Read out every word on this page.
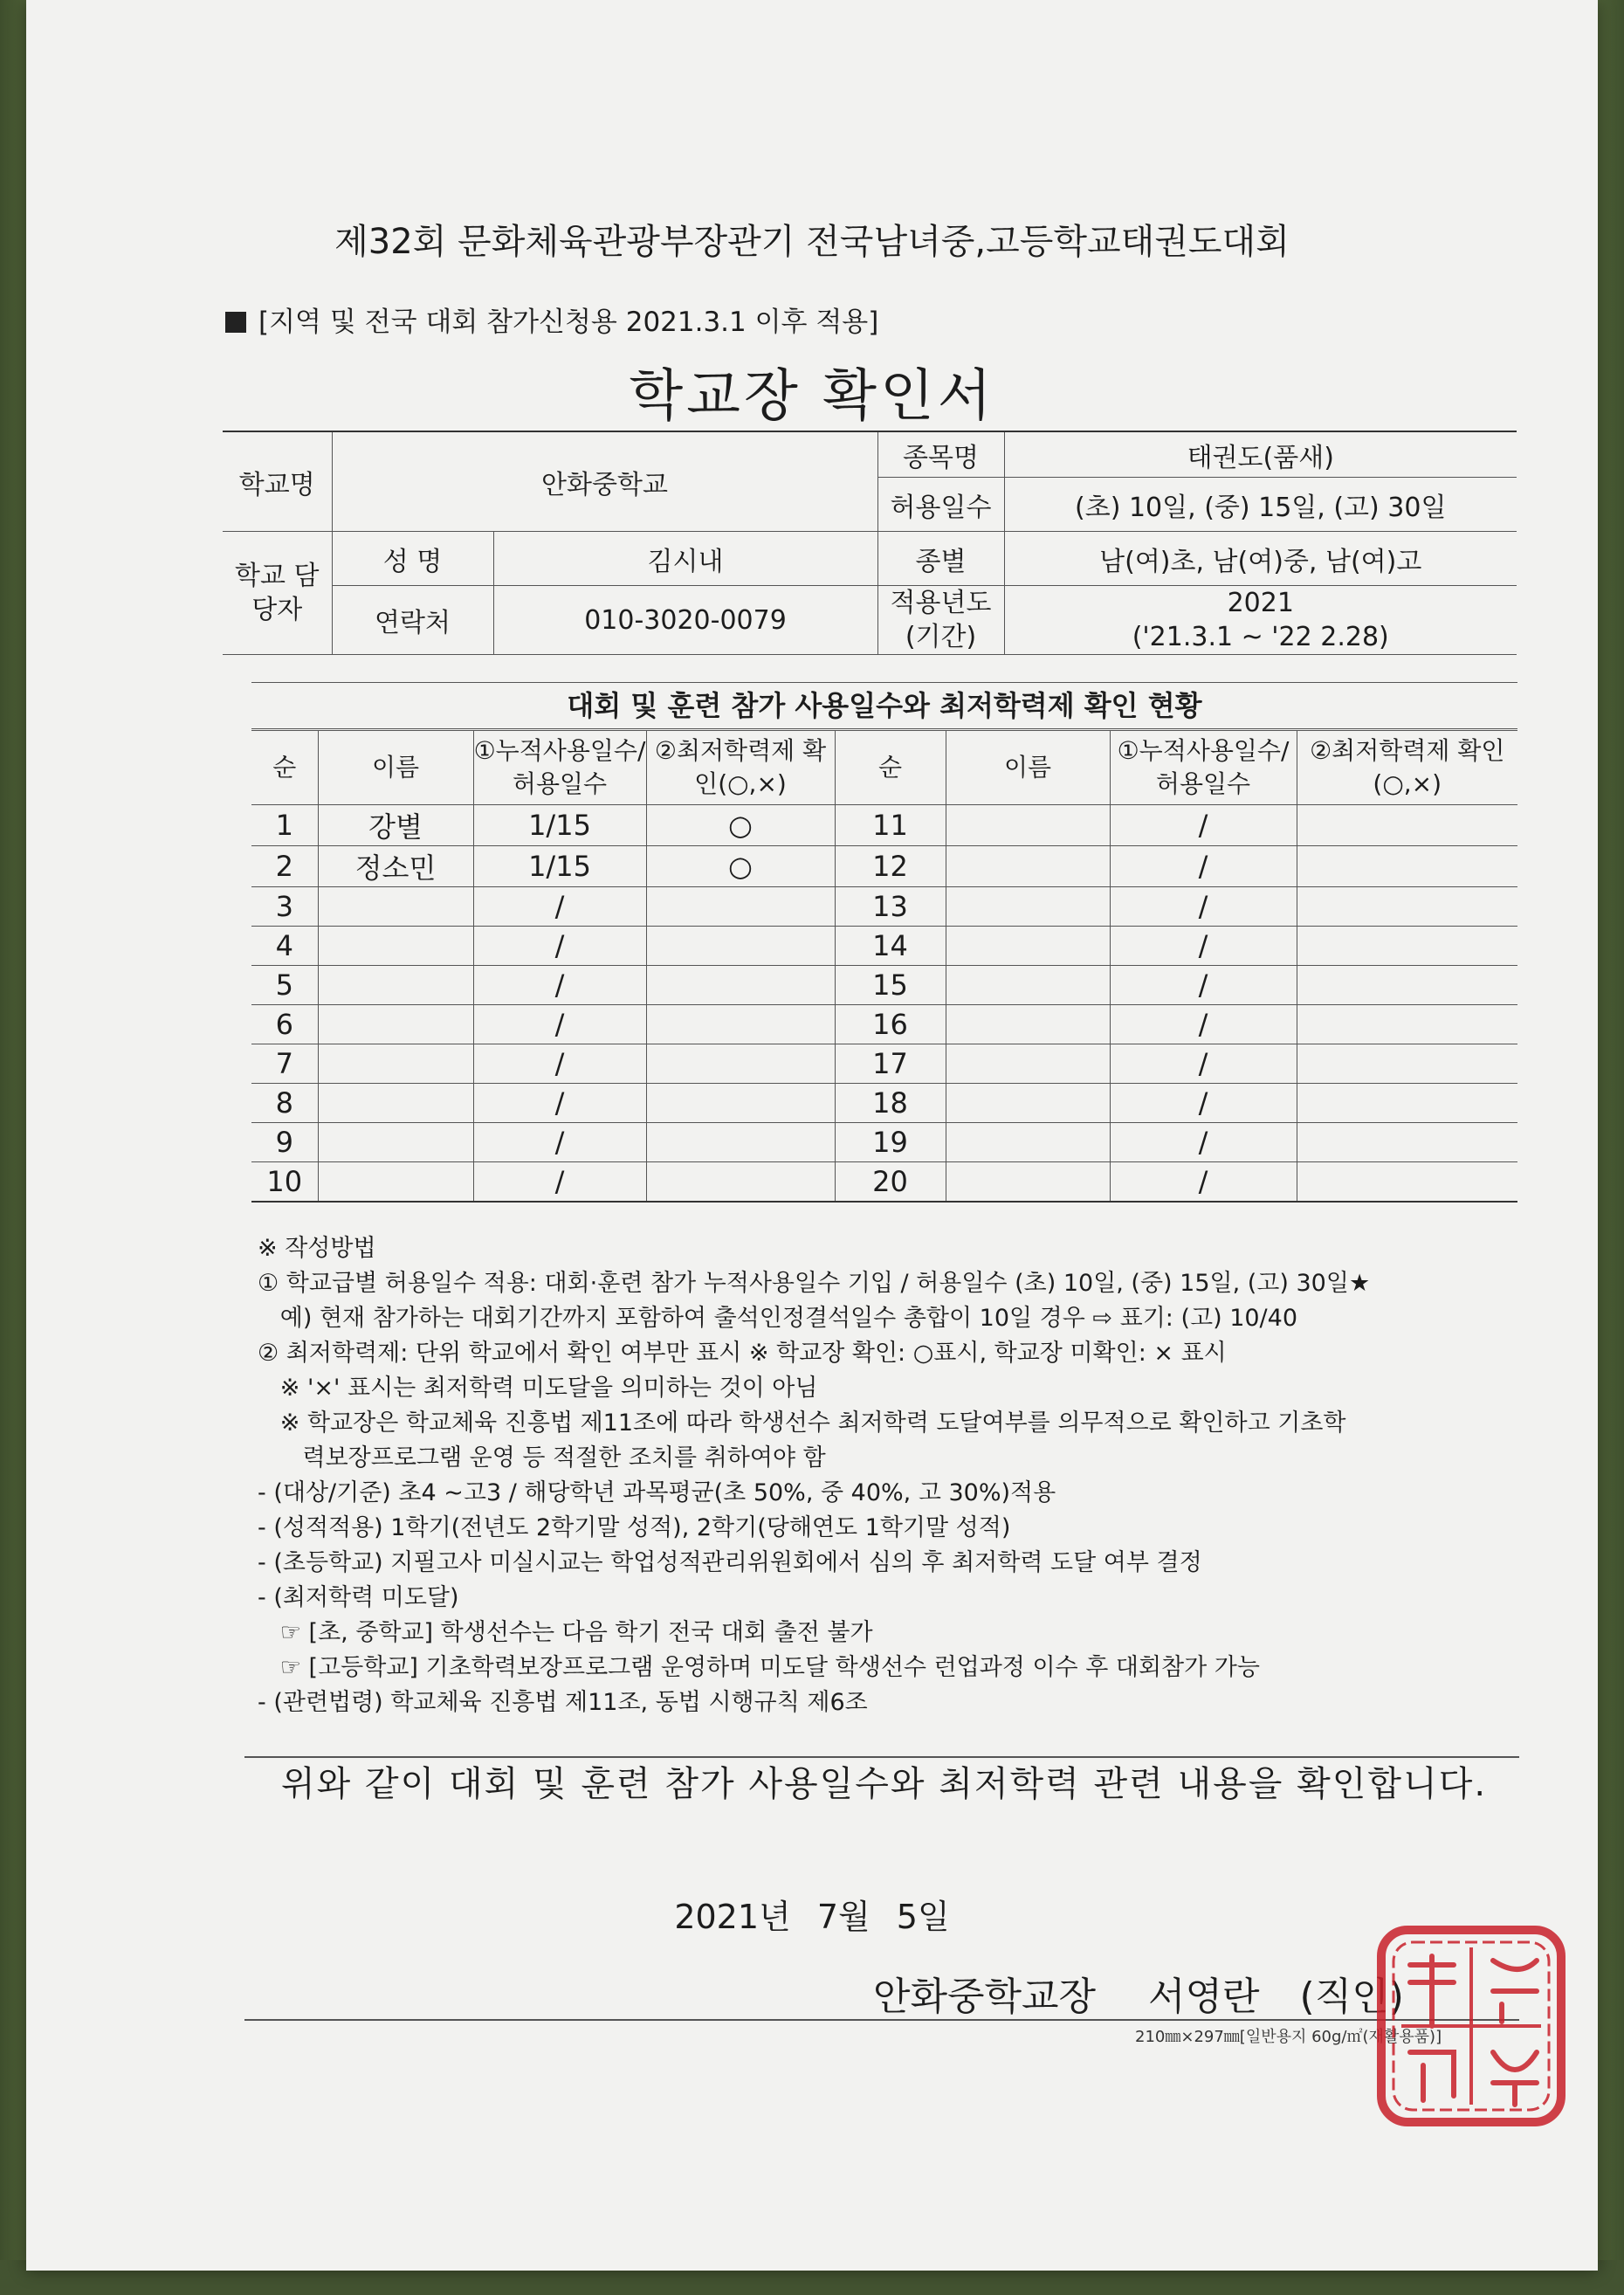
제32회 문화체육관광부장관기 전국남녀중,고등학교태권도대회
[지역 및 전국 대회 참가신청용 2021.3.1 이후 적용]
학교장 확인서
학교명	안화중학교		종목명	태권도(품새)
			허용일수	(초) 10일, (중) 15일, (고) 30일
학교 담당자	성 명	김시내	종별	남(여)초, 남(여)중, 남(여)고
	연락처	010-3020-0079	적용년도 (기간)	2021
('21.3.1 ~ '22 2.28)
대회 및 훈련 참가 사용일수와 최저학력제 확인 현황
순	이름	①누적사용일수/ 허용일수	②최저학력제 확인(○,×)	순	이름	①누적사용일수/ 허용일수	②최저학력제 확인(○,×)
1	강별	1/15	○	11		/	
2	정소민	1/15	○	12		/	
3		/		13		/	
4		/		14		/	
5		/		15		/	
6		/		16		/	
7		/		17		/	
8		/		18		/	
9		/		19		/	
10		/		20		/	
※ 작성방법
① 학교급별 허용일수 적용: 대회·훈련 참가 누적사용일수 기입 / 허용일수 (초) 10일, (중) 15일, (고) 30일★
예) 현재 참가하는 대회기간까지 포함하여 출석인정결석일수 총합이 10일 경우 ⇨ 표기: (고) 10/40
② 최저학력제: 단위 학교에서 확인 여부만 표시 ※ 학교장 확인: ○표시, 학교장 미확인: × 표시
※ '×' 표시는 최저학력 미도달을 의미하는 것이 아님
※ 학교장은 학교체육 진흥법 제11조에 따라 학생선수 최저학력 도달여부를 의무적으로 확인하고 기초학
력보장프로그램 운영 등 적절한 조치를 취하여야 함
- (대상/기준) 초4 ~고3 / 해당학년 과목평균(초 50%, 중 40%, 고 30%)적용
- (성적적용) 1학기(전년도 2학기말 성적), 2학기(당해연도 1학기말 성적)
- (초등학교) 지필고사 미실시교는 학업성적관리위원회에서 심의 후 최저학력 도달 여부 결정
- (최저학력 미도달)
☞ [초, 중학교] 학생선수는 다음 학기 전국 대회 출전 불가
☞ [고등학교] 기초학력보장프로그램 운영하며 미도달 학생선수 런업과정 이수 후 대회참가 가능
- (관련법령) 학교체육 진흥법 제11조, 동법 시행규칙 제6조
위와 같이 대회 및 훈련 참가 사용일수와 최저학력 관련 내용을 확인합니다.
2021년 7월 5일
안화중학교장 서영란 (직인)
210㎜×297㎜[일반용지 60g/㎡(재활용품)]
